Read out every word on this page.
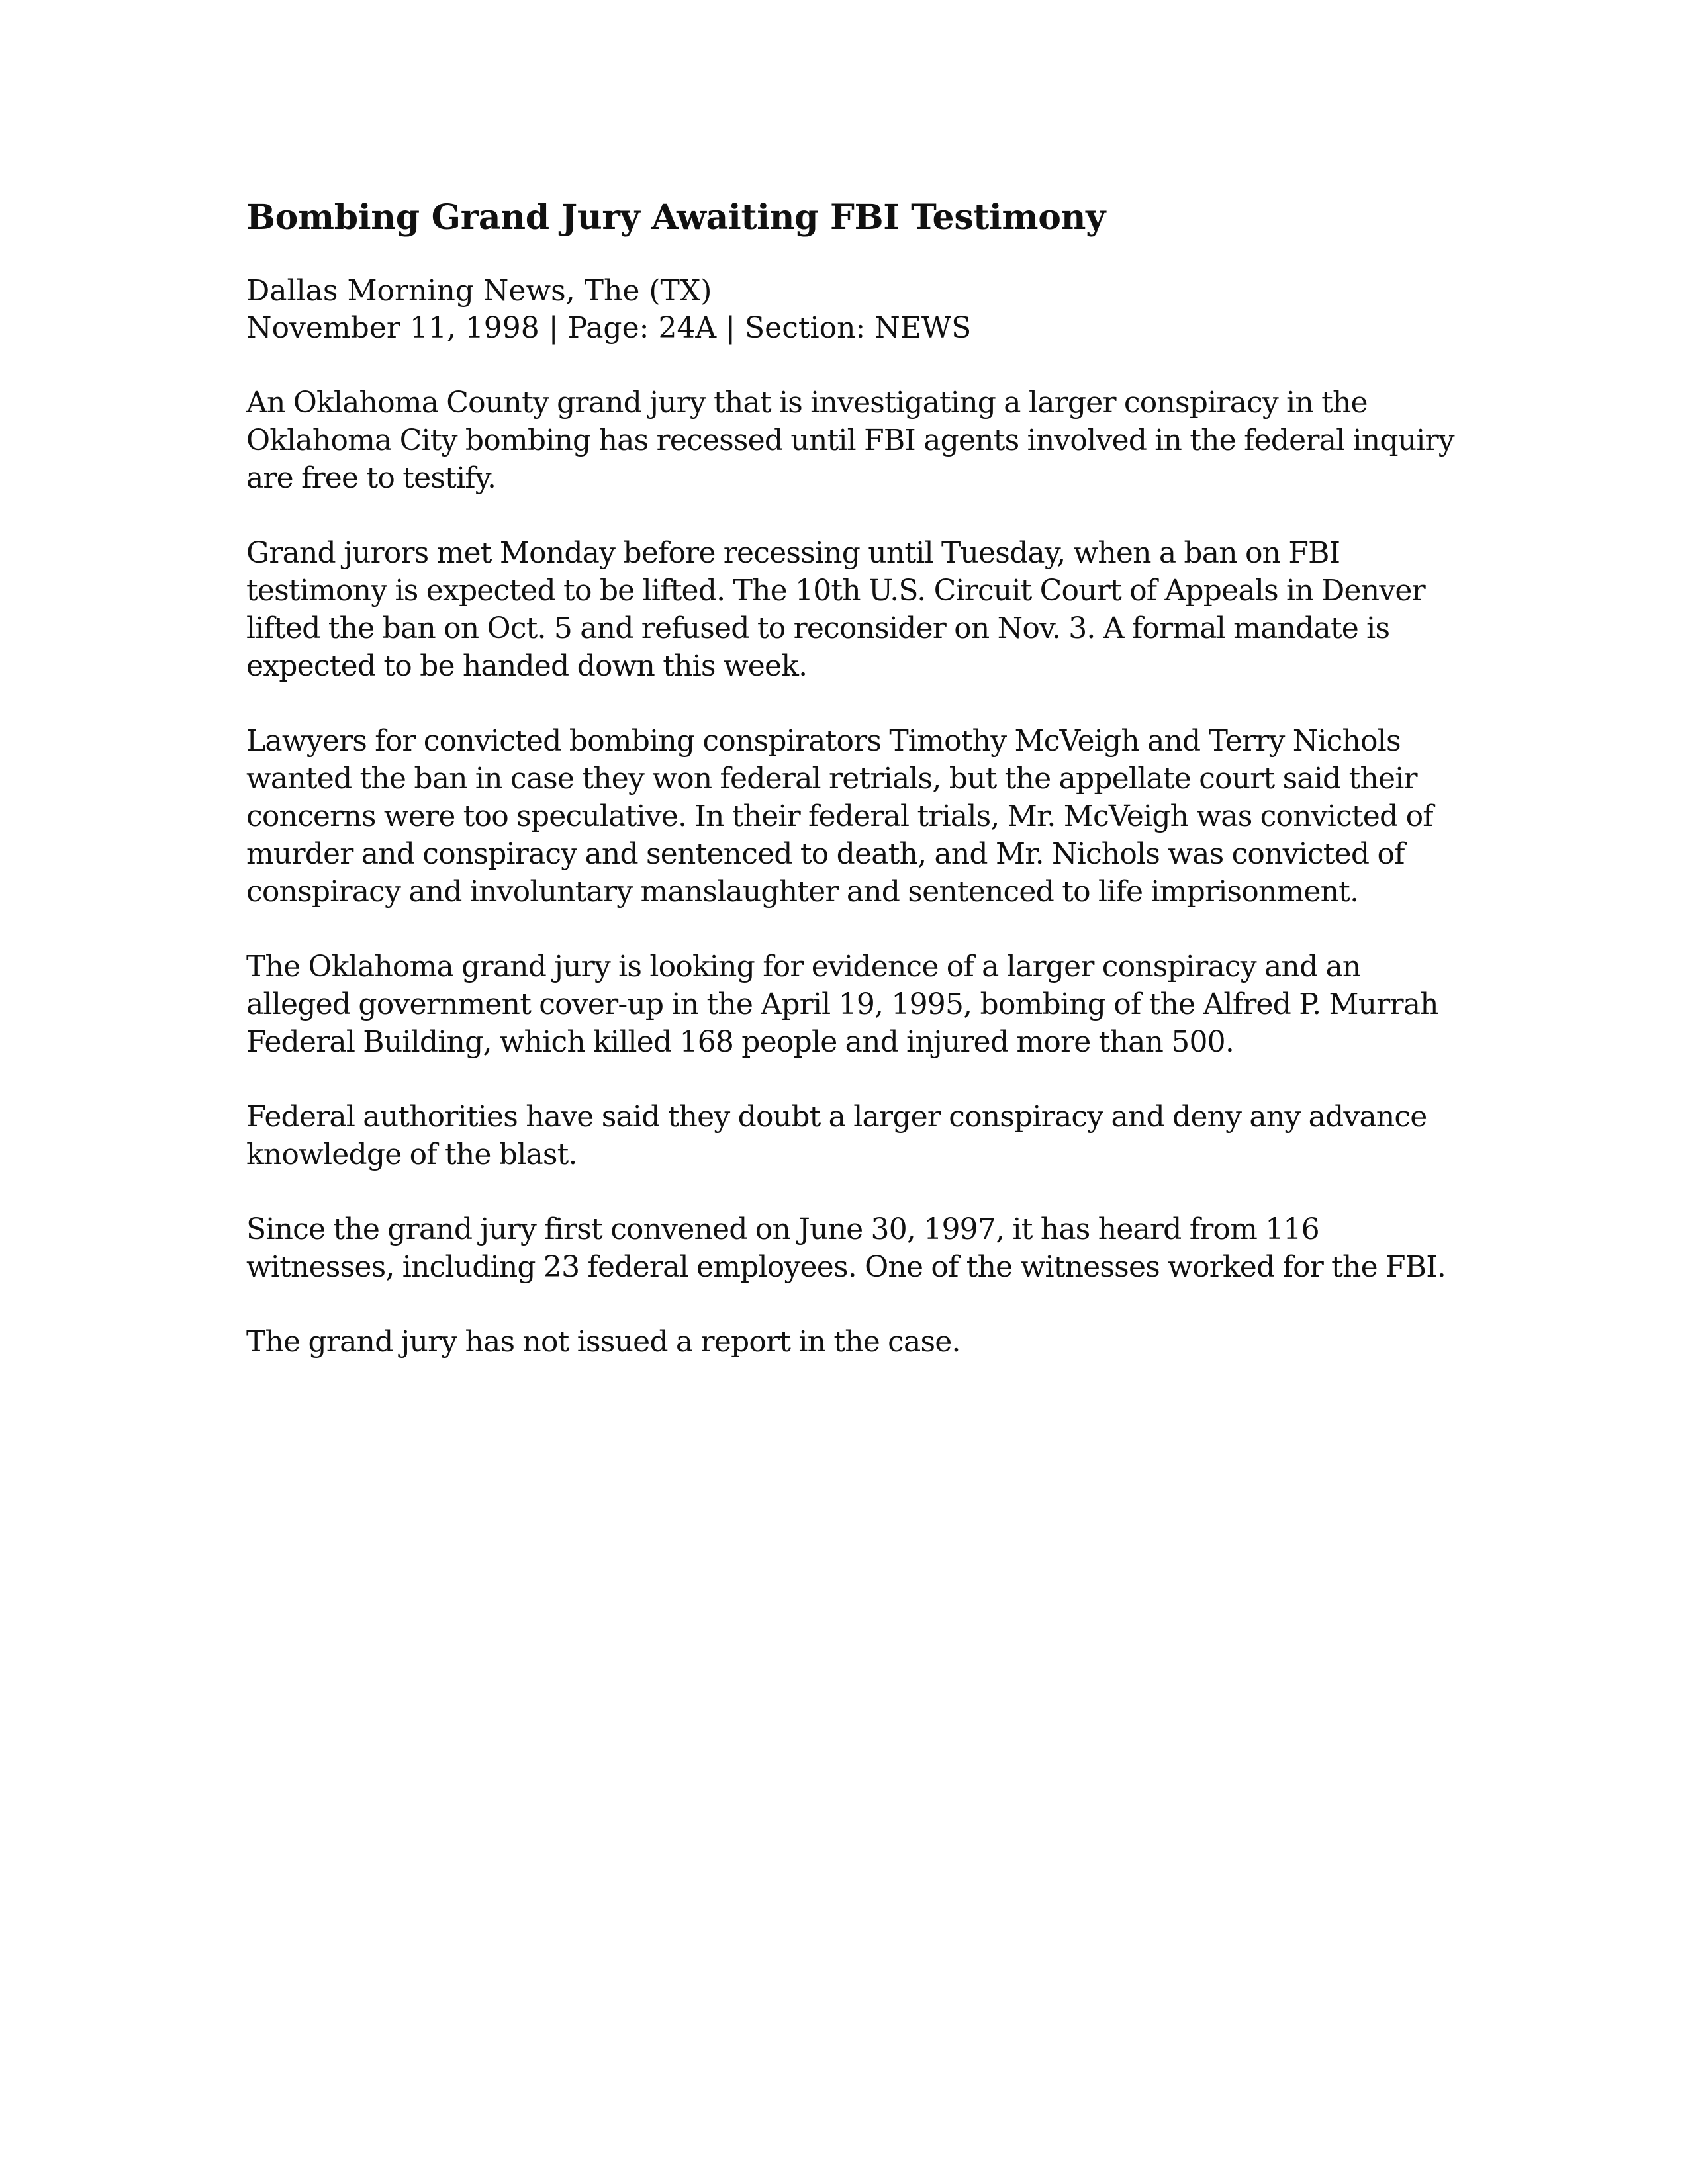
Bombing Grand Jury Awaiting FBI Testimony
Dallas Morning News, The (TX)
November 11, 1998 | Page: 24A | Section: NEWS

An Oklahoma County grand jury that is investigating a larger conspiracy in the Oklahoma City bombing has recessed until FBI agents involved in the federal inquiry are free to testify.

Grand jurors met Monday before recessing until Tuesday, when a ban on FBI testimony is expected to be lifted. The 10th U.S. Circuit Court of Appeals in Denver lifted the ban on Oct. 5 and refused to reconsider on Nov. 3. A formal mandate is expected to be handed down this week.

Lawyers for convicted bombing conspirators Timothy McVeigh and Terry Nichols wanted the ban in case they won federal retrials, but the appellate court said their concerns were too speculative. In their federal trials, Mr. McVeigh was convicted of murder and conspiracy and sentenced to death, and Mr. Nichols was convicted of conspiracy and involuntary manslaughter and sentenced to life imprisonment.

The Oklahoma grand jury is looking for evidence of a larger conspiracy and an alleged government cover-up in the April 19, 1995, bombing of the Alfred P. Murrah Federal Building, which killed 168 people and injured more than 500.

Federal authorities have said they doubt a larger conspiracy and deny any advance knowledge of the blast.

Since the grand jury first convened on June 30, 1997, it has heard from 116 witnesses, including 23 federal employees. One of the witnesses worked for the FBI.

The grand jury has not issued a report in the case.
